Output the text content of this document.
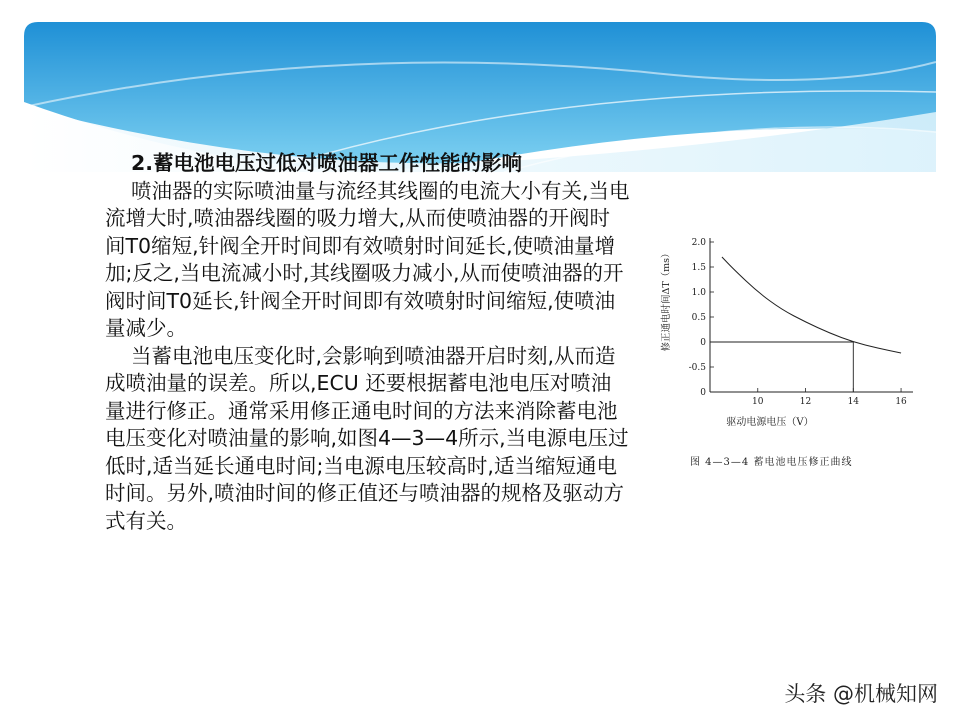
2.蓄电池电压过低对喷油器工作性能的影响

喷油器的实际喷油量与流经其线圈的电流大小有关,当电流增大时,喷油器线圈的吸力增大,从而使喷油器的开阀时间T0缩短,针阀全开时间即有效喷射时间延长,使喷油量增加;反之,当电流减小时,其线圈吸力减小,从而使喷油器的开阀时间T0延长,针阀全开时间即有效喷射时间缩短,使喷油量减少。

当蓄电池电压变化时,会影响到喷油器开启时刻,从而造成喷油量的误差。所以,ECU 还要根据蓄电池电压对喷油量进行修正。通常采用修正通电时间的方法来消除蓄电池电压变化对喷油量的影响,如图4—3—4所示,当电源电压过低时,适当延长通电时间;当电源电压较高时,适当缩短通电时间。另外,喷油时间的修正值还与喷油器的规格及驱动方式有关。

2.0
1.5
1.0
0.5
0
-0.5
0
10	12	14	16
修正通电时间ΔT（ms）
驱动电源电压（V）
图 4—3—4 蓄电池电压修正曲线
头条 @机械知网
